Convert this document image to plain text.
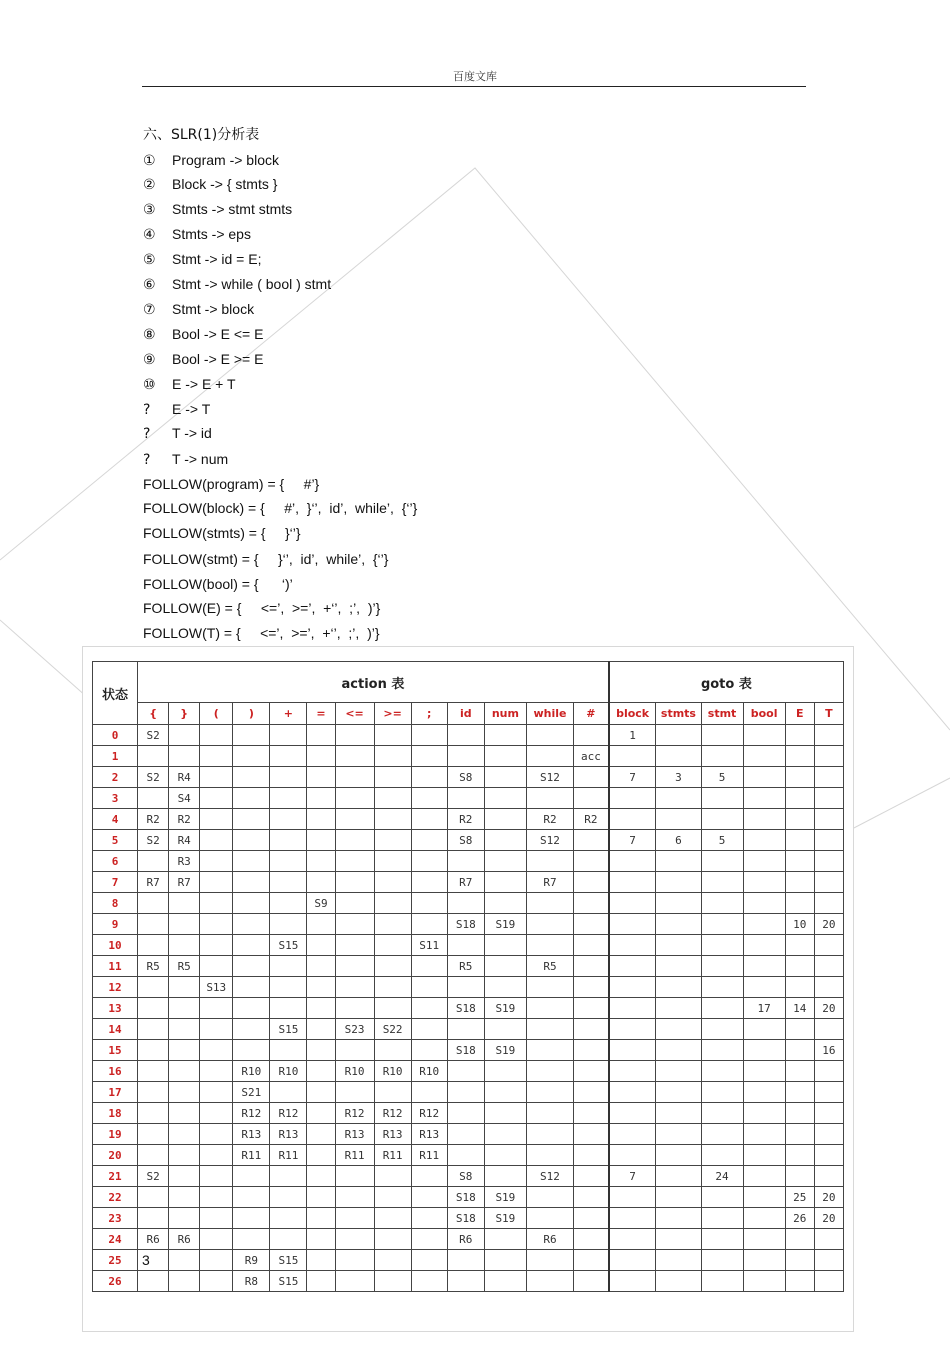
百度文库
六、SLR(1)分析表
① Program -> block
② Block -> { stmts }
③ Stmts -> stmt stmts
④ Stmts -> eps
⑤ Stmt -> id = E;
⑥ Stmt -> while ( bool ) stmt
⑦ Stmt -> block
⑧ Bool -> E <= E
⑨ Bool -> E >= E
⑩ E -> E + T
? E -> T
? T -> id
? T -> num
FOLLOW(program) = {     #’}
FOLLOW(block) = {     #’,  }‘’,  id’,  while’,  {‘’}
FOLLOW(stmts) = {     }‘’}
FOLLOW(stmt) = {     }‘’,  id’,  while’,  {‘’}
FOLLOW(bool) = {      ‘)’
FOLLOW(E) = {     <=’,  >=’,  +‘’,  ;’,  )’}
FOLLOW(T) = {     <=’,  >=’,  +‘’,  ;’,  )’}
状态	action 表													goto 表					
	{	}	(	)	+	=	<=	>=	;	id	num	while	#	block	stmts	stmt	bool	E	T
0	S2													1					
1													acc						
2	S2	R4								S8		S12		7	3	5			
3		S4																	
4	R2	R2								R2		R2	R2						
5	S2	R4								S8		S12		7	6	5			
6		R3																	
7	R7	R7								R7		R7							
8						S9													
9										S18	S19							10	20
10					S15				S11										
11	R5	R5								R5		R5							
12			S13																
13										S18	S19						17	14	20
14					S15		S23	S22											
15										S18	S19								16
16				R10	R10		R10	R10	R10										
17				S21															
18				R12	R12		R12	R12	R12										
19				R13	R13		R13	R13	R13										
20				R11	R11		R11	R11	R11										
21	S2									S8		S12		7		24			
22										S18	S19							25	20
23										S18	S19							26	20
24	R6	R6								R6		R6							
25				R9	S15														
26				R8	S15														
3
